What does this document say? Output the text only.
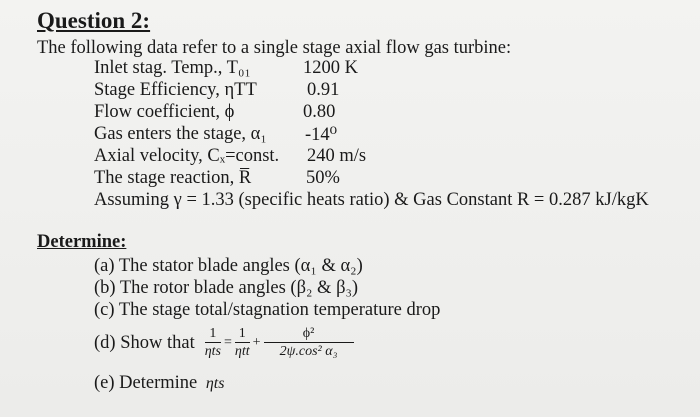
Question 2:
The following data refer to a single stage axial flow gas turbine:
Inlet stag. Temp., T₀₁	1200 K
Stage Efficiency, ηTT	0.91
Flow coefficient, ϕ	0.80
Gas enters the stage, α₁ -14⁰
Axial velocity, Cₓ=const. 240 m/s
The stage reaction, R̅	50%
Assuming γ = 1.33 (specific heats ratio) & Gas Constant R = 0.287 kJ/kgK
Determine:
(a) The stator blade angles (α₁ & α₂)
(b) The rotor blade angles (β₂ & β₃)
(c) The stage total/stagnation temperature drop
(d) Show that $\frac{1}{\text{ηts}} = \frac{1}{\text{ηtt}} + \frac{\text{ϕ²}}{\text{2ψ.cos² α₃}}$
(e) Determine ηts
